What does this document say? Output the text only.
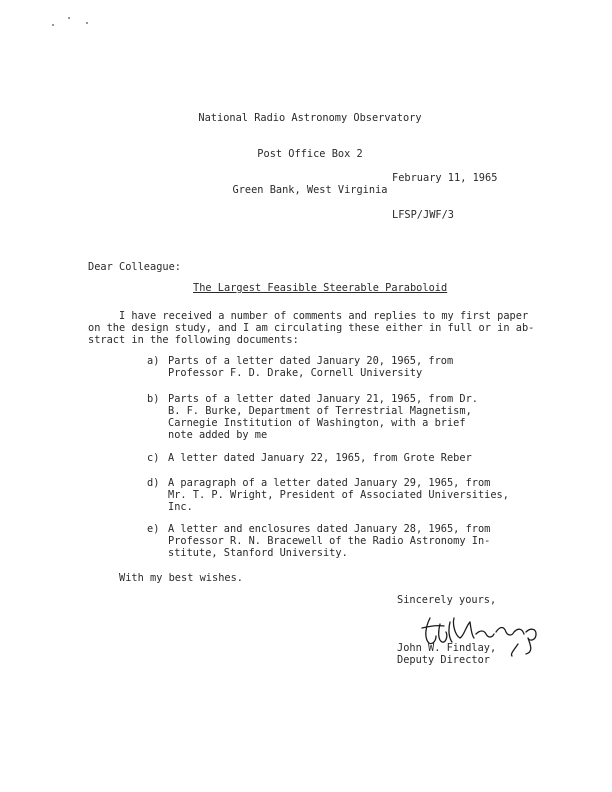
National Radio Astronomy Observatory

Post Office Box 2

Green Bank, West Virginia

February 11, 1965
LFSP/JWF/3
Dear Colleague:
The Largest Feasible Steerable Paraboloid
I have received a number of comments and replies to my first paper
on the design study, and I am circulating these either in full or in ab-
stract in the following documents:
a) Parts of a letter dated January 20, 1965, from
Professor F. D. Drake, Cornell University
b) Parts of a letter dated January 21, 1965, from Dr.
B. F. Burke, Department of Terrestrial Magnetism,
Carnegie Institution of Washington, with a brief
note added by me
c) A letter dated January 22, 1965, from Grote Reber
d) A paragraph of a letter dated January 29, 1965, from
Mr. T. P. Wright, President of Associated Universities,
Inc.
e) A letter and enclosures dated January 28, 1965, from
Professor R. N. Bracewell of the Radio Astronomy In-
stitute, Stanford University.
With my best wishes.
Sincerely yours,
John W. Findlay,
Deputy Director
